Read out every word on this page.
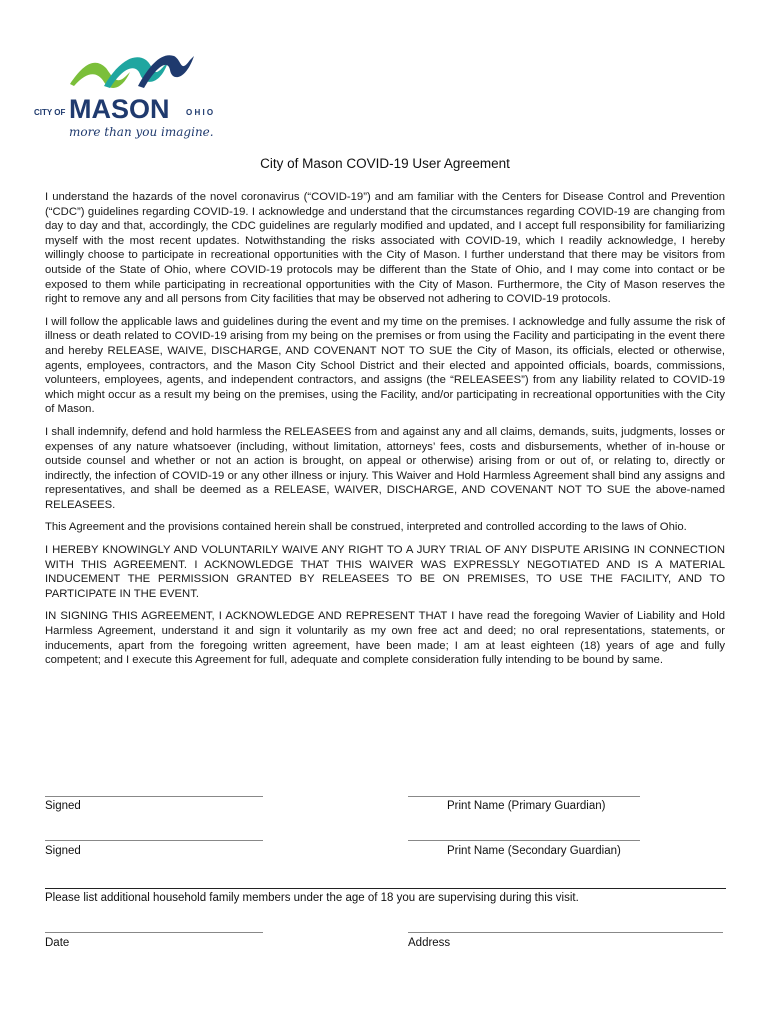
CITY OF MASON O H I O
more than you imagine.
City of Mason COVID-19 User Agreement

I understand the hazards of the novel coronavirus (“COVID-19”) and am familiar with the Centers for Disease Control and Prevention (“CDC”) guidelines regarding COVID-19. I acknowledge and understand that the circumstances regarding COVID-19 are changing from day to day and that, accordingly, the CDC guidelines are regularly modified and updated, and I accept full responsibility for familiarizing myself with the most recent updates. Notwithstanding the risks associated with COVID-19, which I readily acknowledge, I hereby willingly choose to participate in recreational opportunities with the City of Mason. I further understand that there may be visitors from outside of the State of Ohio, where COVID-19 protocols may be different than the State of Ohio, and I may come into contact or be exposed to them while participating in recreational opportunities with the City of Mason. Furthermore, the City of Mason reserves the right to remove any and all persons from City facilities that may be observed not adhering to COVID-19 protocols.

I will follow the applicable laws and guidelines during the event and my time on the premises. I acknowledge and fully assume the risk of illness or death related to COVID-19 arising from my being on the premises or from using the Facility and participating in the event there and hereby RELEASE, WAIVE, DISCHARGE, AND COVENANT NOT TO SUE the City of Mason, its officials, elected or otherwise, agents, employees, contractors, and the Mason City School District and their elected and appointed officials, boards, commissions, volunteers, employees, agents, and independent contractors, and assigns (the “RELEASEES”) from any liability related to COVID-19 which might occur as a result my being on the premises, using the Facility, and/or participating in recreational opportunities with the City of Mason.

I shall indemnify, defend and hold harmless the RELEASEES from and against any and all claims, demands, suits, judgments, losses or expenses of any nature whatsoever (including, without limitation, attorneys’ fees, costs and disbursements, whether of in-house or outside counsel and whether or not an action is brought, on appeal or otherwise) arising from or out of, or relating to, directly or indirectly, the infection of COVID-19 or any other illness or injury. This Waiver and Hold Harmless Agreement shall bind any assigns and representatives, and shall be deemed as a RELEASE, WAIVER, DISCHARGE, AND COVENANT NOT TO SUE the above-named RELEASEES.

This Agreement and the provisions contained herein shall be construed, interpreted and controlled according to the laws of Ohio.

I HEREBY KNOWINGLY AND VOLUNTARILY WAIVE ANY RIGHT TO A JURY TRIAL OF ANY DISPUTE ARISING IN CONNECTION WITH THIS AGREEMENT. I ACKNOWLEDGE THAT THIS WAIVER WAS EXPRESSLY NEGOTIATED AND IS A MATERIAL INDUCEMENT THE PERMISSION GRANTED BY RELEASEES TO BE ON PREMISES, TO USE THE FACILITY, AND TO PARTICIPATE IN THE EVENT.

IN SIGNING THIS AGREEMENT, I ACKNOWLEDGE AND REPRESENT THAT I have read the foregoing Wavier of Liability and Hold Harmless Agreement, understand it and sign it voluntarily as my own free act and deed; no oral representations, statements, or inducements, apart from the foregoing written agreement, have been made; I am at least eighteen (18) years of age and fully competent; and I execute this Agreement for full, adequate and complete consideration fully intending to be bound by same.

Signed	Print Name (Primary Guardian)
Signed	Print Name (Secondary Guardian)
Please list additional household family members under the age of 18 you are supervising during this visit.
Date	Address
